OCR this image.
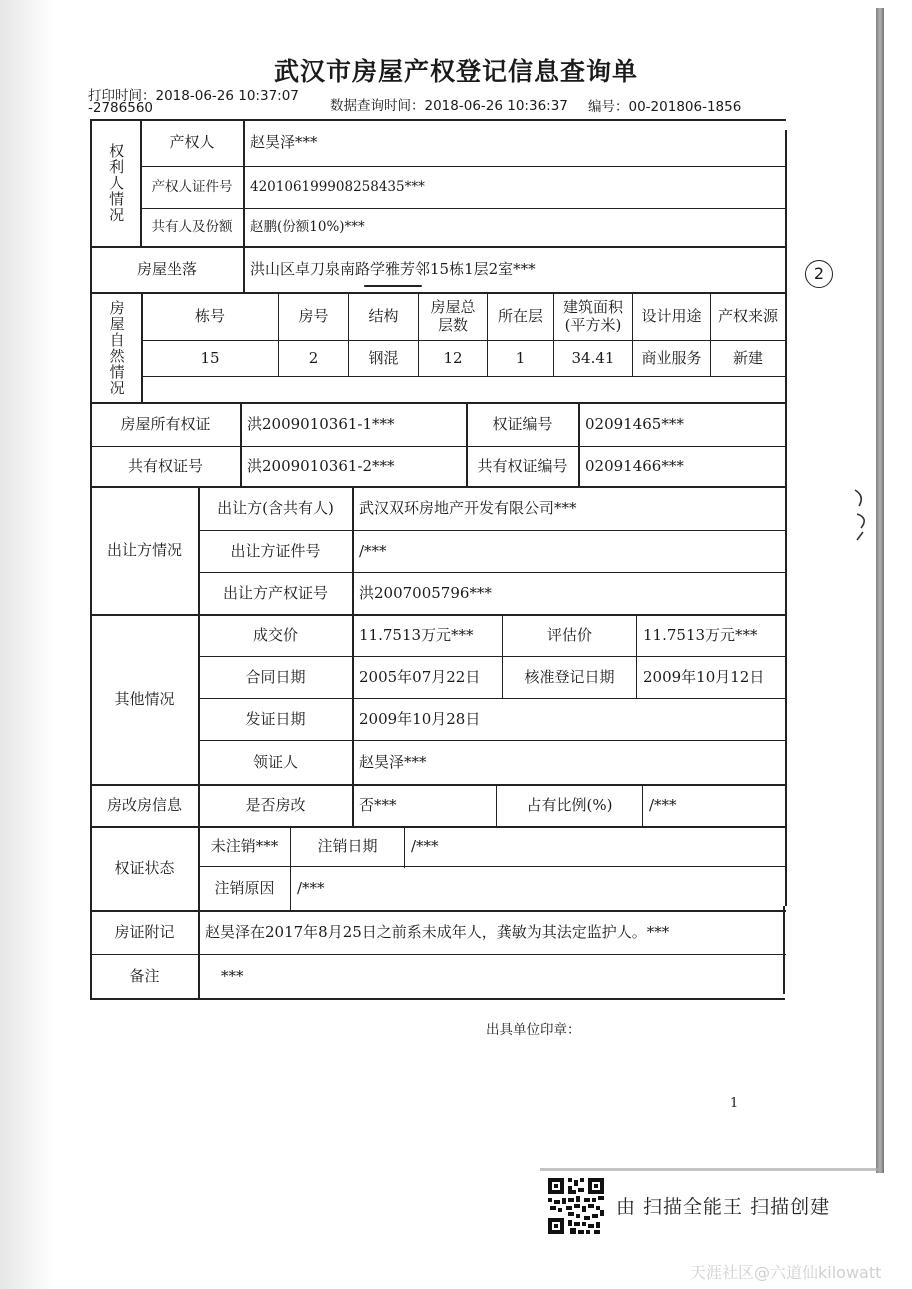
武汉市房屋产权登记信息查询单
打印时间：2018-06-26 10:37:07
-2786560	数据查询时间：2018-06-26 10:36:37 编号：00-201806-1856
2
权利人情况
产权人	赵昊泽***
产权人证件号	420106199908258435***
共有人及份额	赵鹏(份额10%)***
房屋坐落	洪山区卓刀泉南路学雅芳邻15栋1层2室***
房屋自然情况	栋号	房号	结构	房屋总层数	所在层	建筑面积(平方米)	设计用途	产权来源
15	2	钢混	12	1	34.41	商业服务	新建
房屋所有权证	洪2009010361-1***	权证编号	02091465***
共有权证号	洪2009010361-2***	共有权证编号	02091466***
出让方情况
出让方(含共有人)	武汉双环房地产开发有限公司***
出让方证件号	/***
出让方产权证号	洪2007005796***
其他情况
成交价	11.7513万元***	评估价	11.7513万元***
合同日期	2005年07月22日	核准登记日期	2009年10月12日
发证日期	2009年10月28日
领证人	赵昊泽***
房改房信息	是否房改	否***	占有比例(%)	/***
权证状态
未注销***	注销日期	/***
注销原因	/***
房证附记	赵昊泽在2017年8月25日之前系未成年人，龚敏为其法定监护人。***
备注	***
出具单位印章：
1
由 扫描全能王 扫描创建
天涯社区@六道仙kilowatt
